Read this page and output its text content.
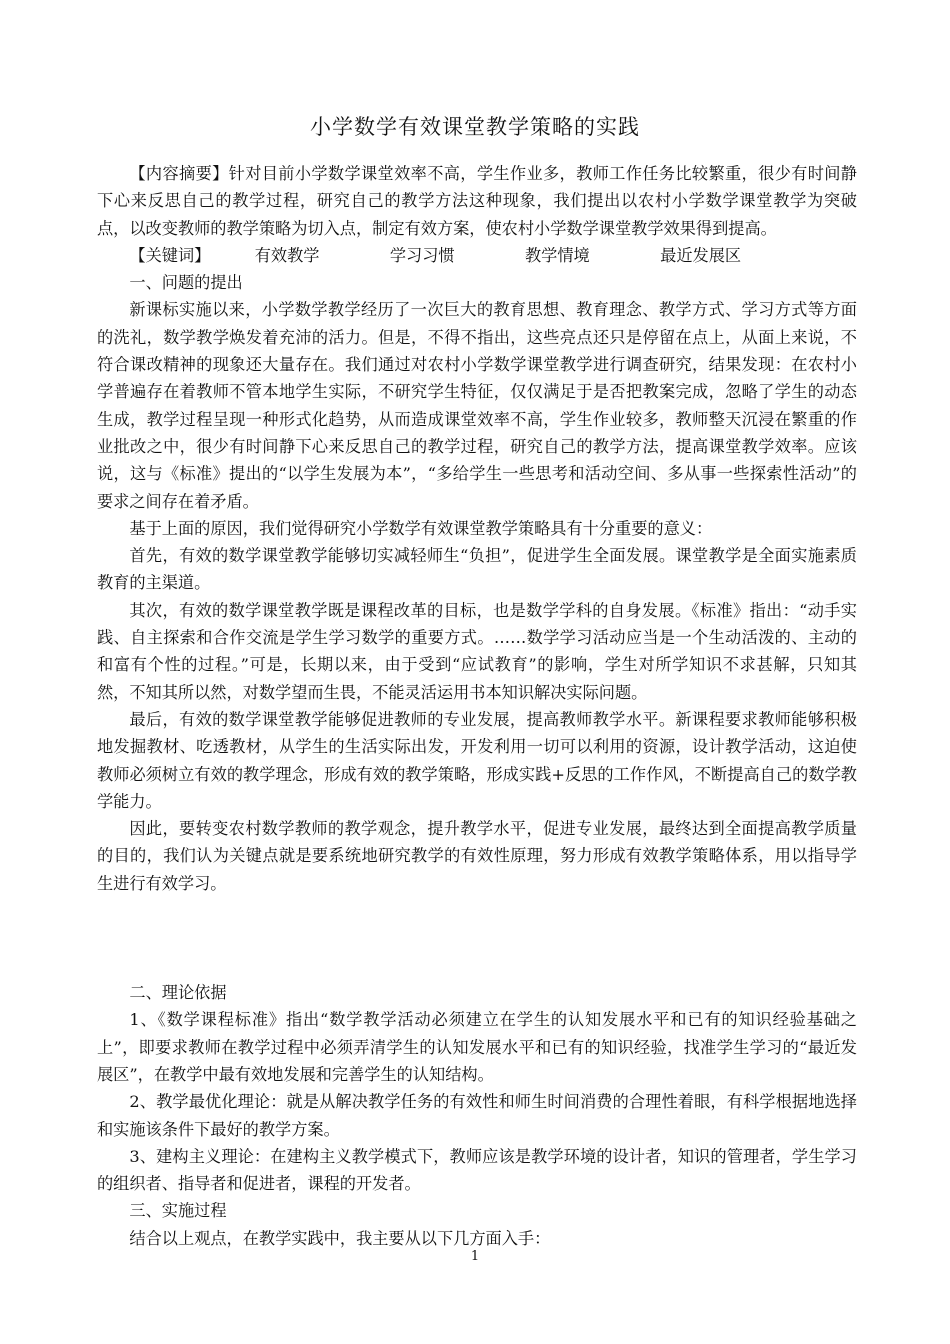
小学数学有效课堂教学策略的实践

【内容摘要】针对目前小学数学课堂效率不高，学生作业多，教师工作任务比较繁重，很少有时间静下心来反思自己的教学过程，研究自己的教学方法这种现象，我们提出以农村小学数学课堂教学为突破点，以改变教师的教学策略为切入点，制定有效方案，使农村小学数学课堂教学效果得到提高。

【关键词】	有效教学	学习习惯	教学情境	最近发展区

一、问题的提出

新课标实施以来，小学数学教学经历了一次巨大的教育思想、教育理念、教学方式、学习方式等方面的洗礼，数学教学焕发着充沛的活力。但是，不得不指出，这些亮点还只是停留在点上，从面上来说，不符合课改精神的现象还大量存在。我们通过对农村小学数学课堂教学进行调查研究，结果发现：在农村小学普遍存在着教师不管本地学生实际，不研究学生特征，仅仅满足于是否把教案完成，忽略了学生的动态生成，教学过程呈现一种形式化趋势，从而造成课堂效率不高，学生作业较多，教师整天沉浸在繁重的作业批改之中，很少有时间静下心来反思自己的教学过程，研究自己的教学方法，提高课堂教学效率。应该说，这与《标准》提出的“以学生发展为本”，“多给学生一些思考和活动空间、多从事一些探索性活动”的要求之间存在着矛盾。

基于上面的原因，我们觉得研究小学数学有效课堂教学策略具有十分重要的意义：

首先，有效的数学课堂教学能够切实减轻师生“负担”，促进学生全面发展。课堂教学是全面实施素质教育的主渠道。

其次，有效的数学课堂教学既是课程改革的目标，也是数学学科的自身发展。《标准》指出：“动手实践、自主探索和合作交流是学生学习数学的重要方式。……数学学习活动应当是一个生动活泼的、主动的和富有个性的过程。”可是，长期以来，由于受到“应试教育”的影响，学生对所学知识不求甚解，只知其然，不知其所以然，对数学望而生畏，不能灵活运用书本知识解决实际问题。

最后，有效的数学课堂教学能够促进教师的专业发展，提高教师教学水平。新课程要求教师能够积极地发掘教材、吃透教材，从学生的生活实际出发，开发利用一切可以利用的资源，设计教学活动，这迫使教师必须树立有效的教学理念，形成有效的教学策略，形成实践+反思的工作作风，不断提高自己的数学教学能力。

因此，要转变农村数学教师的教学观念，提升教学水平，促进专业发展，最终达到全面提高教学质量的目的，我们认为关键点就是要系统地研究教学的有效性原理，努力形成有效教学策略体系，用以指导学生进行有效学习。

二、理论依据

1、《数学课程标准》指出“数学教学活动必须建立在学生的认知发展水平和已有的知识经验基础之上”，即要求教师在教学过程中必须弄清学生的认知发展水平和已有的知识经验，找准学生学习的“最近发展区”，在教学中最有效地发展和完善学生的认知结构。

2、教学最优化理论：就是从解决教学任务的有效性和师生时间消费的合理性着眼，有科学根据地选择和实施该条件下最好的教学方案。

3、建构主义理论：在建构主义教学模式下，教师应该是教学环境的设计者，知识的管理者，学生学习的组织者、指导者和促进者，课程的开发者。

三、实施过程

结合以上观点，在教学实践中，我主要从以下几方面入手：

1
